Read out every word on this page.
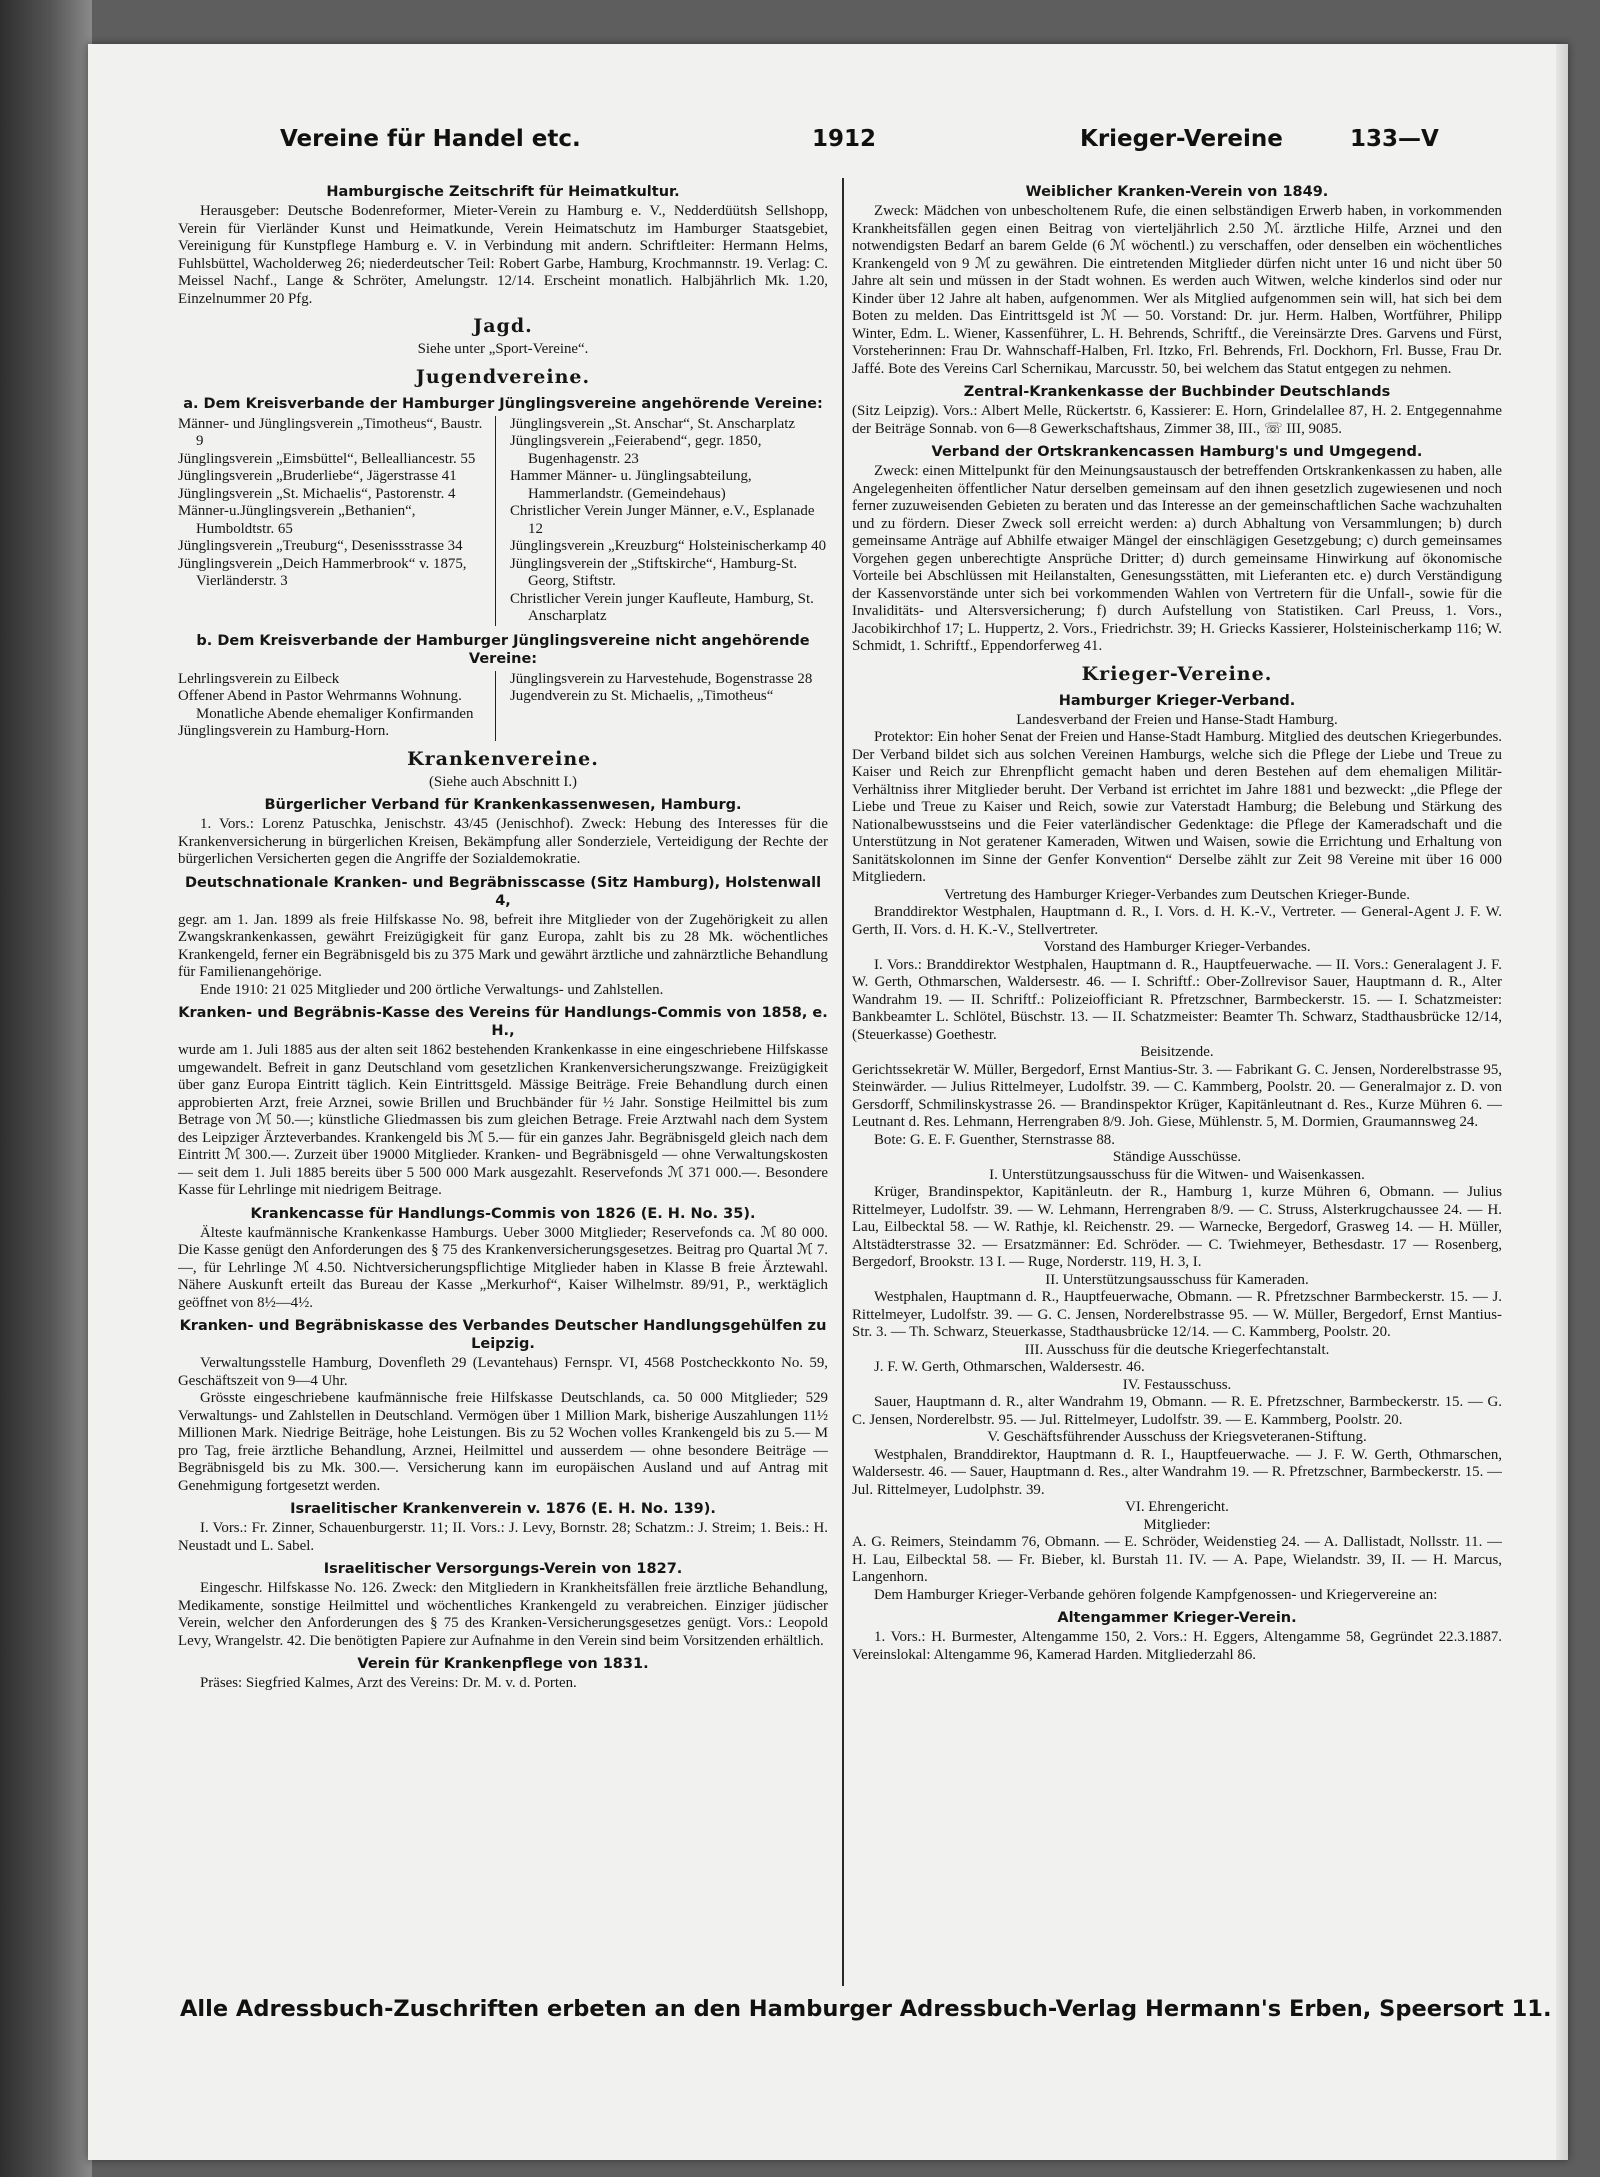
Vereine für Handel etc.	1912	Krieger-Vereine	133—V
Hamburgische Zeitschrift für Heimatkultur.
Herausgeber: Deutsche Bodenreformer, Mieter-Verein zu Hamburg e. V., Nedderdüütsh Sellshopp, Verein für Vierländer Kunst und Heimatkunde, Verein Heimatschutz im Hamburger Staatsgebiet, Vereinigung für Kunstpflege Hamburg e. V. in Verbindung mit andern. Schriftleiter: Hermann Helms, Fuhlsbüttel, Wacholderweg 26; niederdeutscher Teil: Robert Garbe, Hamburg, Krochmannstr. 19. Verlag: C. Meissel Nachf., Lange & Schröter, Amelungstr. 12/14. Erscheint monatlich. Halbjährlich Mk. 1.20, Einzelnummer 20 Pfg.
Jagd.
Siehe unter „Sport-Vereine“.
Jugendvereine.
a. Dem Kreisverbande der Hamburger Jünglingsvereine angehörende Vereine:
Männer- und Jünglingsverein „Timotheus“, Baustr. 9
Jünglingsverein „Eimsbüttel“, Bellealliancestr. 55
Jünglingsverein „Bruderliebe“, Jägerstrasse 41
Jünglingsverein „St. Michaelis“, Pastorenstr. 4
Männer-u.Jünglingsverein „Bethanien“, Humboldtstr. 65
Jünglingsverein „Treuburg“, Desenissstrasse 34
Jünglingsverein „Deich Hammerbrook“ v. 1875, Vierländerstr. 3
Jünglingsverein „St. Anschar“, St. Anscharplatz
Jünglingsverein „Feierabend“, gegr. 1850, Bugenhagenstr. 23
Hammer Männer- u. Jünglingsabteilung, Hammerlandstr. (Gemeindehaus)
Christlicher Verein Junger Männer, e.V., Esplanade 12
Jünglingsverein „Kreuzburg“ Holsteinischerkamp 40
Jünglingsverein der „Stiftskirche“, Hamburg-St. Georg, Stiftstr.
Christlicher Verein junger Kaufleute, Hamburg, St. Anscharplatz
b. Dem Kreisverbande der Hamburger Jünglingsvereine nicht angehörende Vereine:
Lehrlingsverein zu Eilbeck
Offener Abend in Pastor Wehrmanns Wohnung. Monatliche Abende ehemaliger Konfirmanden
Jünglingsverein zu Hamburg-Horn.
Jünglingsverein zu Harvestehude, Bogenstrasse 28
Jugendverein zu St. Michaelis, „Timotheus“
Krankenvereine.
(Siehe auch Abschnitt I.)
Bürgerlicher Verband für Krankenkassenwesen, Hamburg.
1. Vors.: Lorenz Patuschka, Jenischstr. 43/45 (Jenischhof). Zweck: Hebung des Interesses für die Krankenversicherung in bürgerlichen Kreisen, Bekämpfung aller Sonderziele, Verteidigung der Rechte der bürgerlichen Versicherten gegen die Angriffe der Sozialdemokratie.
Deutschnationale Kranken- und Begräbnisscasse (Sitz Hamburg), Holstenwall 4,
gegr. am 1. Jan. 1899 als freie Hilfskasse No. 98, befreit ihre Mitglieder von der Zugehörigkeit zu allen Zwangskrankenkassen, gewährt Freizügigkeit für ganz Europa, zahlt bis zu 28 Mk. wöchentliches Krankengeld, ferner ein Begräbnisgeld bis zu 375 Mark und gewährt ärztliche und zahnärztliche Behandlung für Familienangehörige.
Ende 1910: 21 025 Mitglieder und 200 örtliche Verwaltungs- und Zahlstellen.
Kranken- und Begräbnis-Kasse des Vereins für Handlungs-Commis von 1858, e. H.,
wurde am 1. Juli 1885 aus der alten seit 1862 bestehenden Krankenkasse in eine eingeschriebene Hilfskasse umgewandelt. Befreit in ganz Deutschland vom gesetzlichen Krankenversicherungszwange. Freizügigkeit über ganz Europa Eintritt täglich. Kein Eintrittsgeld. Mässige Beiträge. Freie Behandlung durch einen approbierten Arzt, freie Arznei, sowie Brillen und Bruchbänder für ½ Jahr. Sonstige Heilmittel bis zum Betrage von ℳ 50.—; künstliche Gliedmassen bis zum gleichen Betrage. Freie Arztwahl nach dem System des Leipziger Ärzteverbandes. Krankengeld bis ℳ 5.— für ein ganzes Jahr. Begräbnisgeld gleich nach dem Eintritt ℳ 300.—. Zurzeit über 19000 Mitglieder. Kranken- und Begräbnisgeld — ohne Verwaltungskosten — seit dem 1. Juli 1885 bereits über 5 500 000 Mark ausgezahlt. Reservefonds ℳ 371 000.—. Besondere Kasse für Lehrlinge mit niedrigem Beitrage.
Krankencasse für Handlungs-Commis von 1826 (E. H. No. 35).
Älteste kaufmännische Krankenkasse Hamburgs. Ueber 3000 Mitglieder; Reservefonds ca. ℳ 80 000. Die Kasse genügt den Anforderungen des § 75 des Krankenversicherungsgesetzes. Beitrag pro Quartal ℳ 7.—, für Lehrlinge ℳ 4.50. Nichtversicherungspflichtige Mitglieder haben in Klasse B freie Ärztewahl. Nähere Auskunft erteilt das Bureau der Kasse „Merkurhof“, Kaiser Wilhelmstr. 89/91, P., werktäglich geöffnet von 8½—4½.
Kranken- und Begräbniskasse des Verbandes Deutscher Handlungsgehülfen zu Leipzig.
Verwaltungsstelle Hamburg, Dovenfleth 29 (Levantehaus) Fernspr. VI, 4568 Postcheckkonto No. 59, Geschäftszeit von 9—4 Uhr.
Grösste eingeschriebene kaufmännische freie Hilfskasse Deutschlands, ca. 50 000 Mitglieder; 529 Verwaltungs- und Zahlstellen in Deutschland. Vermögen über 1 Million Mark, bisherige Auszahlungen 11½ Millionen Mark. Niedrige Beiträge, hohe Leistungen. Bis zu 52 Wochen volles Krankengeld bis zu 5.— M pro Tag, freie ärztliche Behandlung, Arznei, Heilmittel und ausserdem — ohne besondere Beiträge — Begräbnisgeld bis zu Mk. 300.—. Versicherung kann im europäischen Ausland und auf Antrag mit Genehmigung fortgesetzt werden.
Israelitischer Krankenverein v. 1876 (E. H. No. 139).
I. Vors.: Fr. Zinner, Schauenburgerstr. 11; II. Vors.: J. Levy, Bornstr. 28; Schatzm.: J. Streim; 1. Beis.: H. Neustadt und L. Sabel.
Israelitischer Versorgungs-Verein von 1827.
Eingeschr. Hilfskasse No. 126. Zweck: den Mitgliedern in Krankheitsfällen freie ärztliche Behandlung, Medikamente, sonstige Heilmittel und wöchentliches Krankengeld zu verabreichen. Einziger jüdischer Verein, welcher den Anforderungen des § 75 des Kranken-Versicherungsgesetzes genügt. Vors.: Leopold Levy, Wrangelstr. 42. Die benötigten Papiere zur Aufnahme in den Verein sind beim Vorsitzenden erhältlich.
Verein für Krankenpflege von 1831.
Präses: Siegfried Kalmes, Arzt des Vereins: Dr. M. v. d. Porten.
Weiblicher Kranken-Verein von 1849.
Zweck: Mädchen von unbescholtenem Rufe, die einen selbständigen Erwerb haben, in vorkommenden Krankheitsfällen gegen einen Beitrag von vierteljährlich 2.50 ℳ. ärztliche Hilfe, Arznei und den notwendigsten Bedarf an barem Gelde (6 ℳ wöchentl.) zu verschaffen, oder denselben ein wöchentliches Krankengeld von 9 ℳ zu gewähren. Die eintretenden Mitglieder dürfen nicht unter 16 und nicht über 50 Jahre alt sein und müssen in der Stadt wohnen. Es werden auch Witwen, welche kinderlos sind oder nur Kinder über 12 Jahre alt haben, aufgenommen. Wer als Mitglied aufgenommen sein will, hat sich bei dem Boten zu melden. Das Eintrittsgeld ist ℳ — 50. Vorstand: Dr. jur. Herm. Halben, Wortführer, Philipp Winter, Edm. L. Wiener, Kassenführer, L. H. Behrends, Schriftf., die Vereinsärzte Dres. Garvens und Fürst, Vorsteherinnen: Frau Dr. Wahnschaff-Halben, Frl. Itzko, Frl. Behrends, Frl. Dockhorn, Frl. Busse, Frau Dr. Jaffé. Bote des Vereins Carl Schernikau, Marcusstr. 50, bei welchem das Statut entgegen zu nehmen.
Zentral-Krankenkasse der Buchbinder Deutschlands
(Sitz Leipzig). Vors.: Albert Melle, Rückertstr. 6, Kassierer: E. Horn, Grindelallee 87, H. 2. Entgegennahme der Beiträge Sonnab. von 6—8 Gewerkschaftshaus, Zimmer 38, III., ☏ III, 9085.
Verband der Ortskrankencassen Hamburg's und Umgegend.
Zweck: einen Mittelpunkt für den Meinungsaustausch der betreffenden Ortskrankenkassen zu haben, alle Angelegenheiten öffentlicher Natur derselben gemeinsam auf den ihnen gesetzlich zugewiesenen und noch ferner zuzuweisenden Gebieten zu beraten und das Interesse an der gemeinschaftlichen Sache wachzuhalten und zu fördern. Dieser Zweck soll erreicht werden: a) durch Abhaltung von Versammlungen; b) durch gemeinsame Anträge auf Abhilfe etwaiger Mängel der einschlägigen Gesetzgebung; c) durch gemeinsames Vorgehen gegen unberechtigte Ansprüche Dritter; d) durch gemeinsame Hinwirkung auf ökonomische Vorteile bei Abschlüssen mit Heilanstalten, Genesungsstätten, mit Lieferanten etc. e) durch Verständigung der Kassenvorstände unter sich bei vorkommenden Wahlen von Vertretern für die Unfall-, sowie für die Invaliditäts- und Altersversicherung; f) durch Aufstellung von Statistiken. Carl Preuss, 1. Vors., Jacobikirchhof 17; L. Huppertz, 2. Vors., Friedrichstr. 39; H. Griecks Kassierer, Holsteinischerkamp 116; W. Schmidt, 1. Schriftf., Eppendorferweg 41.
Krieger-Vereine.
Hamburger Krieger-Verband.
Landesverband der Freien und Hanse-Stadt Hamburg.
Protektor: Ein hoher Senat der Freien und Hanse-Stadt Hamburg. Mitglied des deutschen Kriegerbundes. Der Verband bildet sich aus solchen Vereinen Hamburgs, welche sich die Pflege der Liebe und Treue zu Kaiser und Reich zur Ehrenpflicht gemacht haben und deren Bestehen auf dem ehemaligen Militär-Verhältniss ihrer Mitglieder beruht. Der Verband ist errichtet im Jahre 1881 und bezweckt: „die Pflege der Liebe und Treue zu Kaiser und Reich, sowie zur Vaterstadt Hamburg; die Belebung und Stärkung des Nationalbewusstseins und die Feier vaterländischer Gedenktage: die Pflege der Kameradschaft und die Unterstützung in Not geratener Kameraden, Witwen und Waisen, sowie die Errichtung und Erhaltung von Sanitätskolonnen im Sinne der Genfer Konvention“ Derselbe zählt zur Zeit 98 Vereine mit über 16 000 Mitgliedern.
Vertretung des Hamburger Krieger-Verbandes zum Deutschen Krieger-Bunde.
Branddirektor Westphalen, Hauptmann d. R., I. Vors. d. H. K.-V., Vertreter. — General-Agent J. F. W. Gerth, II. Vors. d. H. K.-V., Stellvertreter.
Vorstand des Hamburger Krieger-Verbandes.
I. Vors.: Branddirektor Westphalen, Hauptmann d. R., Hauptfeuerwache. — II. Vors.: Generalagent J. F. W. Gerth, Othmarschen, Waldersestr. 46. — I. Schriftf.: Ober-Zollrevisor Sauer, Hauptmann d. R., Alter Wandrahm 19. — II. Schriftf.: Polizeiofficiant R. Pfretzschner, Barmbeckerstr. 15. — I. Schatzmeister: Bankbeamter L. Schlötel, Büschstr. 13. — II. Schatzmeister: Beamter Th. Schwarz, Stadthausbrücke 12/14, (Steuerkasse) Goethestr.
Beisitzende.
Gerichtssekretär W. Müller, Bergedorf, Ernst Mantius-Str. 3. — Fabrikant G. C. Jensen, Norderelbstrasse 95, Steinwärder. — Julius Rittelmeyer, Ludolfstr. 39. — C. Kammberg, Poolstr. 20. — Generalmajor z. D. von Gersdorff, Schmilinskystrasse 26. — Brandinspektor Krüger, Kapitänleutnant d. Res., Kurze Mühren 6. — Leutnant d. Res. Lehmann, Herrengraben 8/9. Joh. Giese, Mühlenstr. 5, M. Dormien, Graumannsweg 24.
Bote: G. E. F. Guenther, Sternstrasse 88.
Ständige Ausschüsse.
I. Unterstützungsausschuss für die Witwen- und Waisenkassen.
Krüger, Brandinspektor, Kapitänleutn. der R., Hamburg 1, kurze Mühren 6, Obmann. — Julius Rittelmeyer, Ludolfstr. 39. — W. Lehmann, Herrengraben 8/9. — C. Struss, Alsterkrugchaussee 24. — H. Lau, Eilbecktal 58. — W. Rathje, kl. Reichenstr. 29. — Warnecke, Bergedorf, Grasweg 14. — H. Müller, Altstädterstrasse 32. — Ersatzmänner: Ed. Schröder. — C. Twiehmeyer, Bethesdastr. 17 — Rosenberg, Bergedorf, Brookstr. 13 I. — Ruge, Norderstr. 119, H. 3, I.
II. Unterstützungsausschuss für Kameraden.
Westphalen, Hauptmann d. R., Hauptfeuerwache, Obmann. — R. Pfretzschner Barmbeckerstr. 15. — J. Rittelmeyer, Ludolfstr. 39. — G. C. Jensen, Norderelbstrasse 95. — W. Müller, Bergedorf, Ernst Mantius-Str. 3. — Th. Schwarz, Steuerkasse, Stadthausbrücke 12/14. — C. Kammberg, Poolstr. 20.
III. Ausschuss für die deutsche Kriegerfechtanstalt.
J. F. W. Gerth, Othmarschen, Waldersestr. 46.
IV. Festausschuss.
Sauer, Hauptmann d. R., alter Wandrahm 19, Obmann. — R. E. Pfretzschner, Barmbeckerstr. 15. — G. C. Jensen, Norderelbstr. 95. — Jul. Rittelmeyer, Ludolfstr. 39. — E. Kammberg, Poolstr. 20.
V. Geschäftsführender Ausschuss der Kriegsveteranen-Stiftung.
Westphalen, Branddirektor, Hauptmann d. R. I., Hauptfeuerwache. — J. F. W. Gerth, Othmarschen, Waldersestr. 46. — Sauer, Hauptmann d. Res., alter Wandrahm 19. — R. Pfretzschner, Barmbeckerstr. 15. — Jul. Rittelmeyer, Ludolphstr. 39.
VI. Ehrengericht.
Mitglieder:
A. G. Reimers, Steindamm 76, Obmann. — E. Schröder, Weidenstieg 24. — A. Dallistadt, Nollsstr. 11. — H. Lau, Eilbecktal 58. — Fr. Bieber, kl. Burstah 11. IV. — A. Pape, Wielandstr. 39, II. — H. Marcus, Langenhorn.
Dem Hamburger Krieger-Verbande gehören folgende Kampfgenossen- und Kriegervereine an:
Altengammer Krieger-Verein.
1. Vors.: H. Burmester, Altengamme 150, 2. Vors.: H. Eggers, Altengamme 58, Gegründet 22.3.1887. Vereinslokal: Altengamme 96, Kamerad Harden. Mitgliederzahl 86.
Alle Adressbuch-Zuschriften erbeten an den Hamburger Adressbuch-Verlag Hermann's Erben, Speersort 11.
